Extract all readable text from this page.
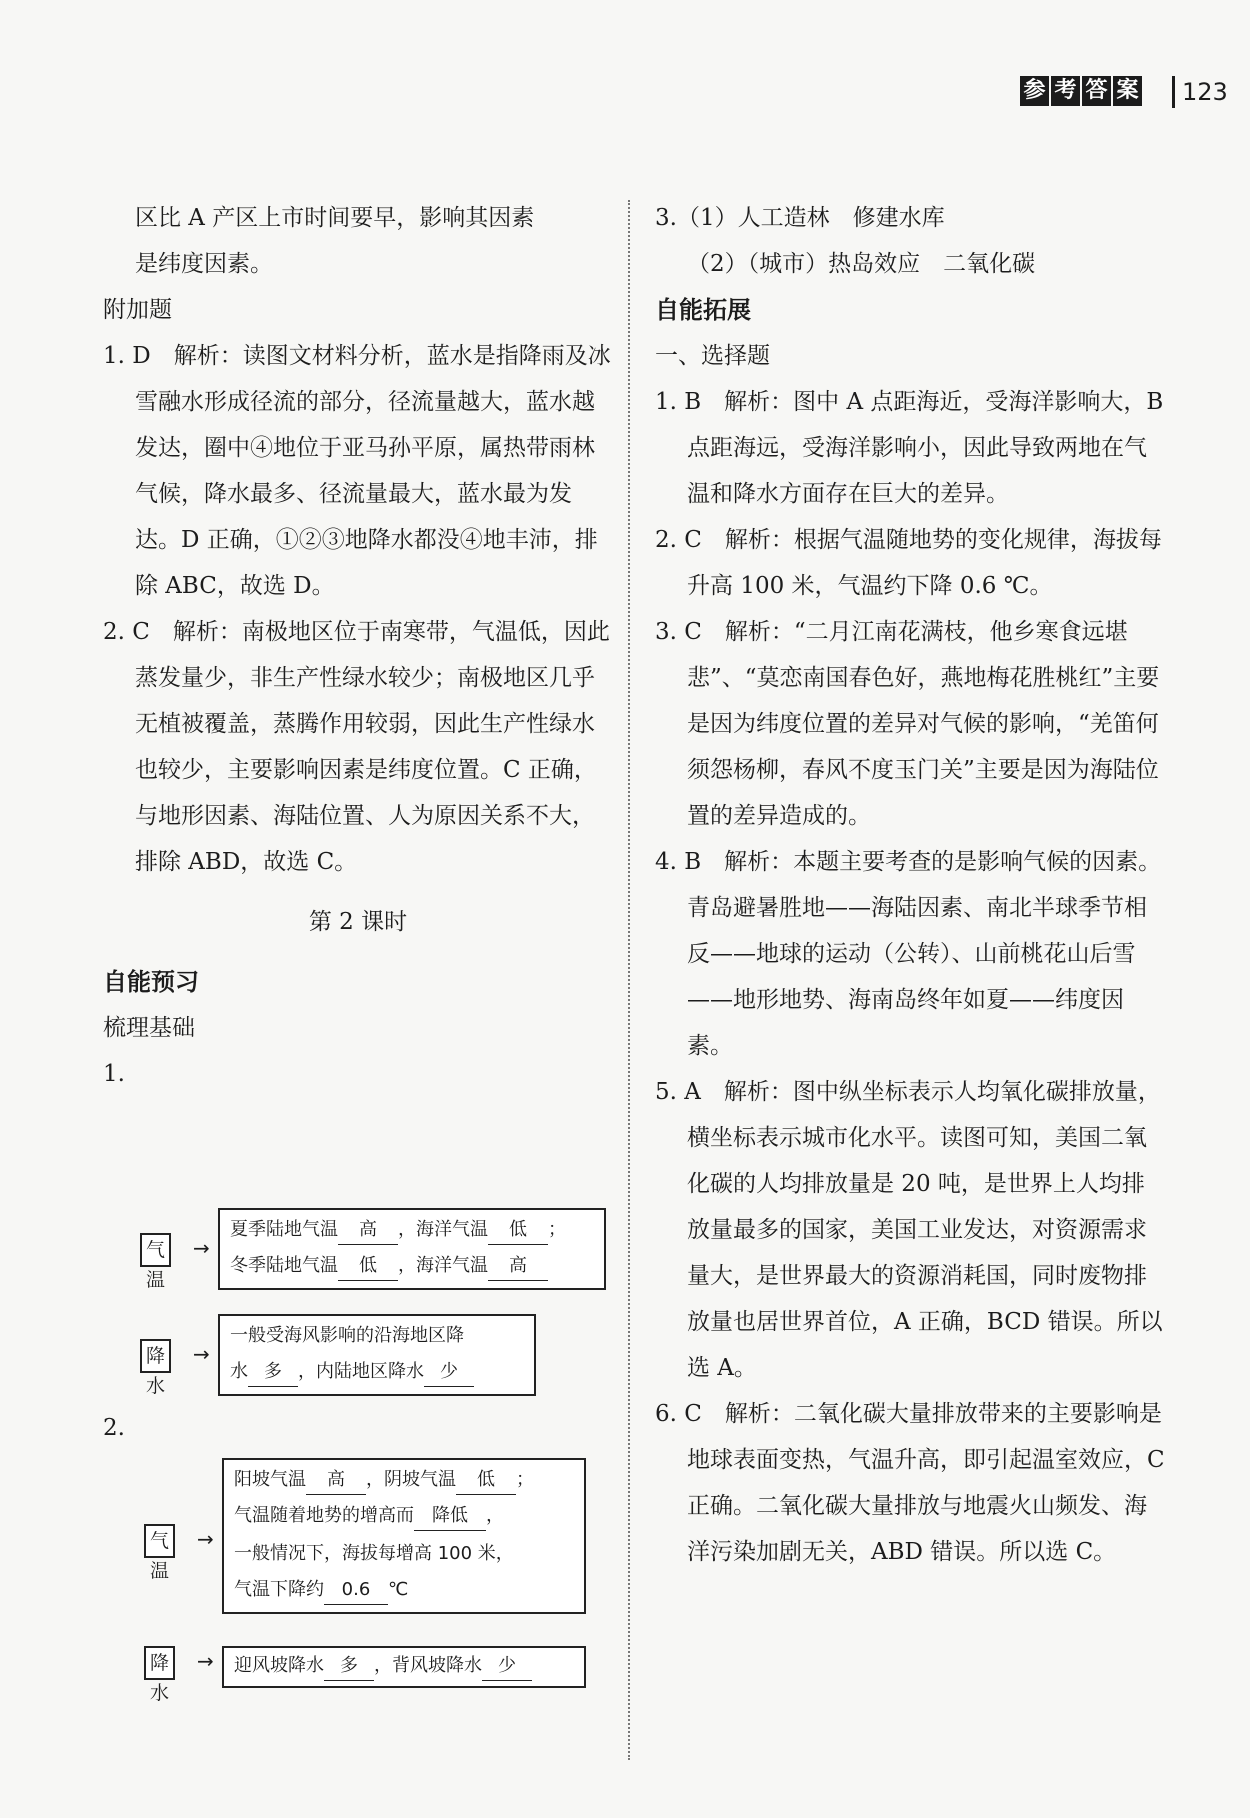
参 考 答 案 123

区比 A 产区上市时间要早，影响其因素

是纬度因素。

附加题

1. D　解析：读图文材料分析，蓝水是指降雨及冰雪融水形成径流的部分，径流量越大，蓝水越发达，圈中④地位于亚马孙平原，属热带雨林气候，降水最多、径流量最大，蓝水最为发达。D 正确，①②③地降水都没④地丰沛，排除 ABC，故选 D。

2. C　解析：南极地区位于南寒带，气温低，因此蒸发量少，非生产性绿水较少；南极地区几乎无植被覆盖，蒸腾作用较弱，因此生产性绿水也较少，主要影响因素是纬度位置。C 正确，与地形因素、海陆位置、人为原因关系不大，排除 ABD，故选 C。

第 2 课时

自能预习

梳理基础

1.

气温
→
夏季陆地气温 高 ，海洋气温 低 ；
冬季陆地气温 低 ，海洋气温 高
降水
→
一般受海风影响的沿海地区降
水 多 ，内陆地区降水 少
2.
气温
→
阳坡气温 高 ，阴坡气温 低 ；
气温随着地势的增高而 降低 ，
一般情况下，海拔每增高 100 米，
气温下降约 0.6 ℃
降水
→ 迎风坡降水 多 ，背风坡降水 少

3.（1）人工造林　修建水库

（2）（城市）热岛效应　二氧化碳

自能拓展

一、选择题

1. B　解析：图中 A 点距海近，受海洋影响大，B 点距海远，受海洋影响小，因此导致两地在气温和降水方面存在巨大的差异。

2. C　解析：根据气温随地势的变化规律，海拔每升高 100 米，气温约下降 0.6 ℃。

3. C　解析：“二月江南花满枝，他乡寒食远堪悲”、“莫恋南国春色好，燕地梅花胜桃红”主要是因为纬度位置的差异对气候的影响，“羌笛何须怨杨柳，春风不度玉门关”主要是因为海陆位置的差异造成的。

4. B　解析：本题主要考查的是影响气候的因素。青岛避暑胜地——海陆因素、南北半球季节相反——地球的运动（公转）、山前桃花山后雪——地形地势、海南岛终年如夏——纬度因素。

5. A　解析：图中纵坐标表示人均氧化碳排放量，横坐标表示城市化水平。读图可知，美国二氧化碳的人均排放量是 20 吨，是世界上人均排放量最多的国家，美国工业发达，对资源需求量大，是世界最大的资源消耗国，同时废物排放量也居世界首位，A 正确，BCD 错误。所以选 A。

6. C　解析：二氧化碳大量排放带来的主要影响是地球表面变热，气温升高，即引起温室效应，C 正确。二氧化碳大量排放与地震火山频发、海洋污染加剧无关，ABD 错误。所以选 C。
